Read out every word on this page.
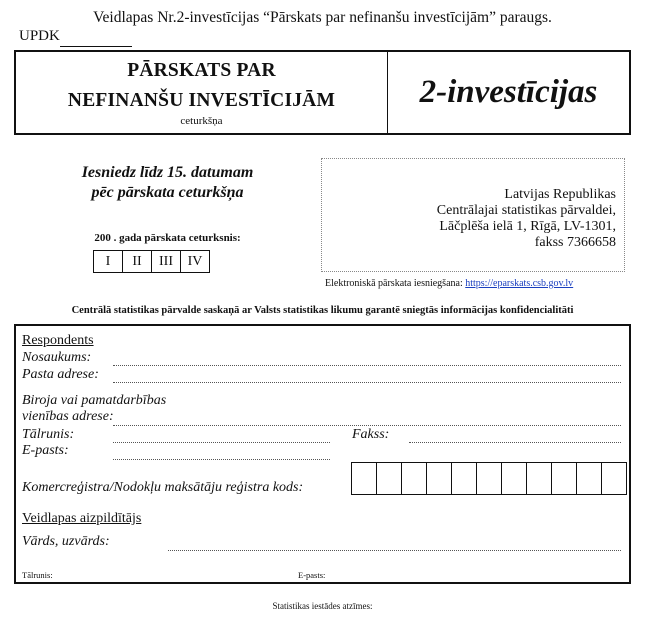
Veidlapas Nr.2-investīcijas “Pārskats par nefinanšu investīcijām” paraugs.
UPDK
PĀRSKATS PAR
NEFINANŠU INVESTĪCIJĀM
ceturkšņa
2-investīcijas
Iesniedz līdz 15. datumam
pēc pārskata ceturkšņa
200 . gada pārskata ceturksnis:
I	II	III	IV
Latvijas Republikas
Centrālajai statistikas pārvaldei,
Lāčplēša ielā 1, Rīgā, LV-1301,
fakss 7366658
Elektroniskā pārskata iesniegšana: https://eparskats.csb.gov.lv
Centrālā statistikas pārvalde saskaņā ar Valsts statistikas likumu garantē sniegtās informācijas konfidencialitāti
Respondents
Nosaukums:
Pasta adrese:
Biroja vai pamatdarbības
vienības adrese:
Tālrunis:	Fakss:
E-pasts:
Komercreģistra/Nodokļu maksātāju reģistra kods:
Veidlapas aizpildītājs
Vārds, uzvārds:
Tālrunis:	E-pasts:
Statistikas iestādes atzīmes:
